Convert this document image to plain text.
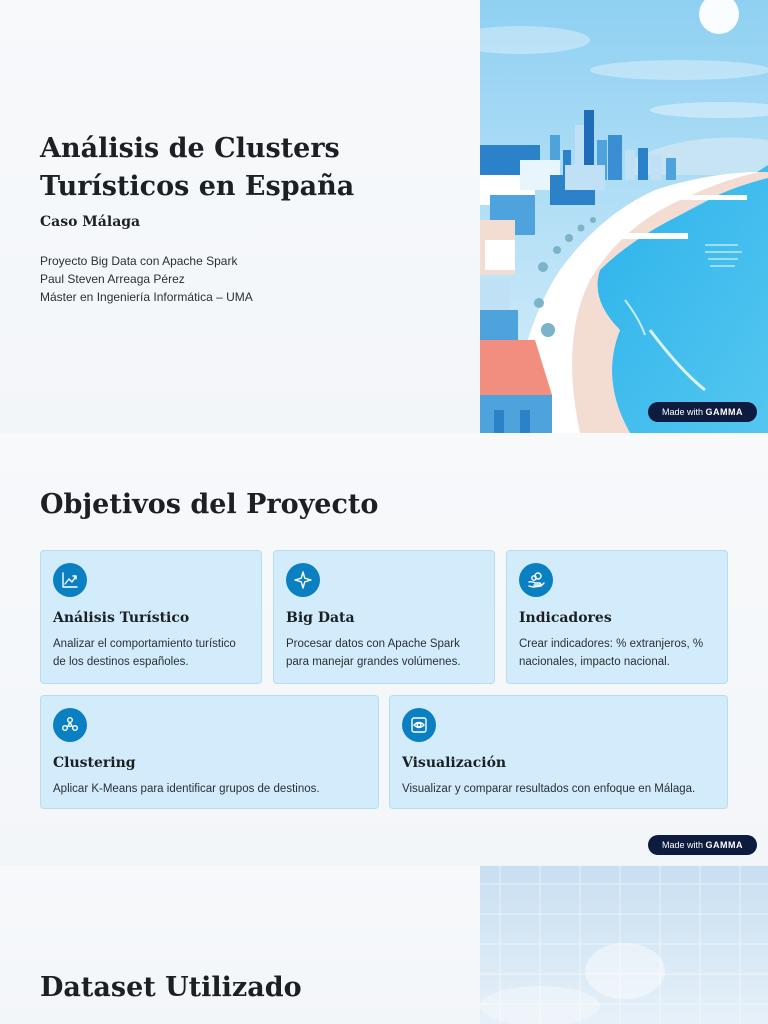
Análisis de Clusters
Turísticos en España
Caso Málaga
Proyecto Big Data con Apache Spark
Paul Steven Arreaga Pérez
Máster en Ingeniería Informática – UMA
Made with GAMMA
Objetivos del Proyecto
Análisis Turístico
Analizar el comportamiento turístico de los destinos españoles.
Big Data
Procesar datos con Apache Spark para manejar grandes volúmenes.
Indicadores
Crear indicadores: % extranjeros, % nacionales, impacto nacional.
Clustering
Aplicar K-Means para identificar grupos de destinos.
Visualización
Visualizar y comparar resultados con enfoque en Málaga.
Made with GAMMA
Dataset Utilizado
